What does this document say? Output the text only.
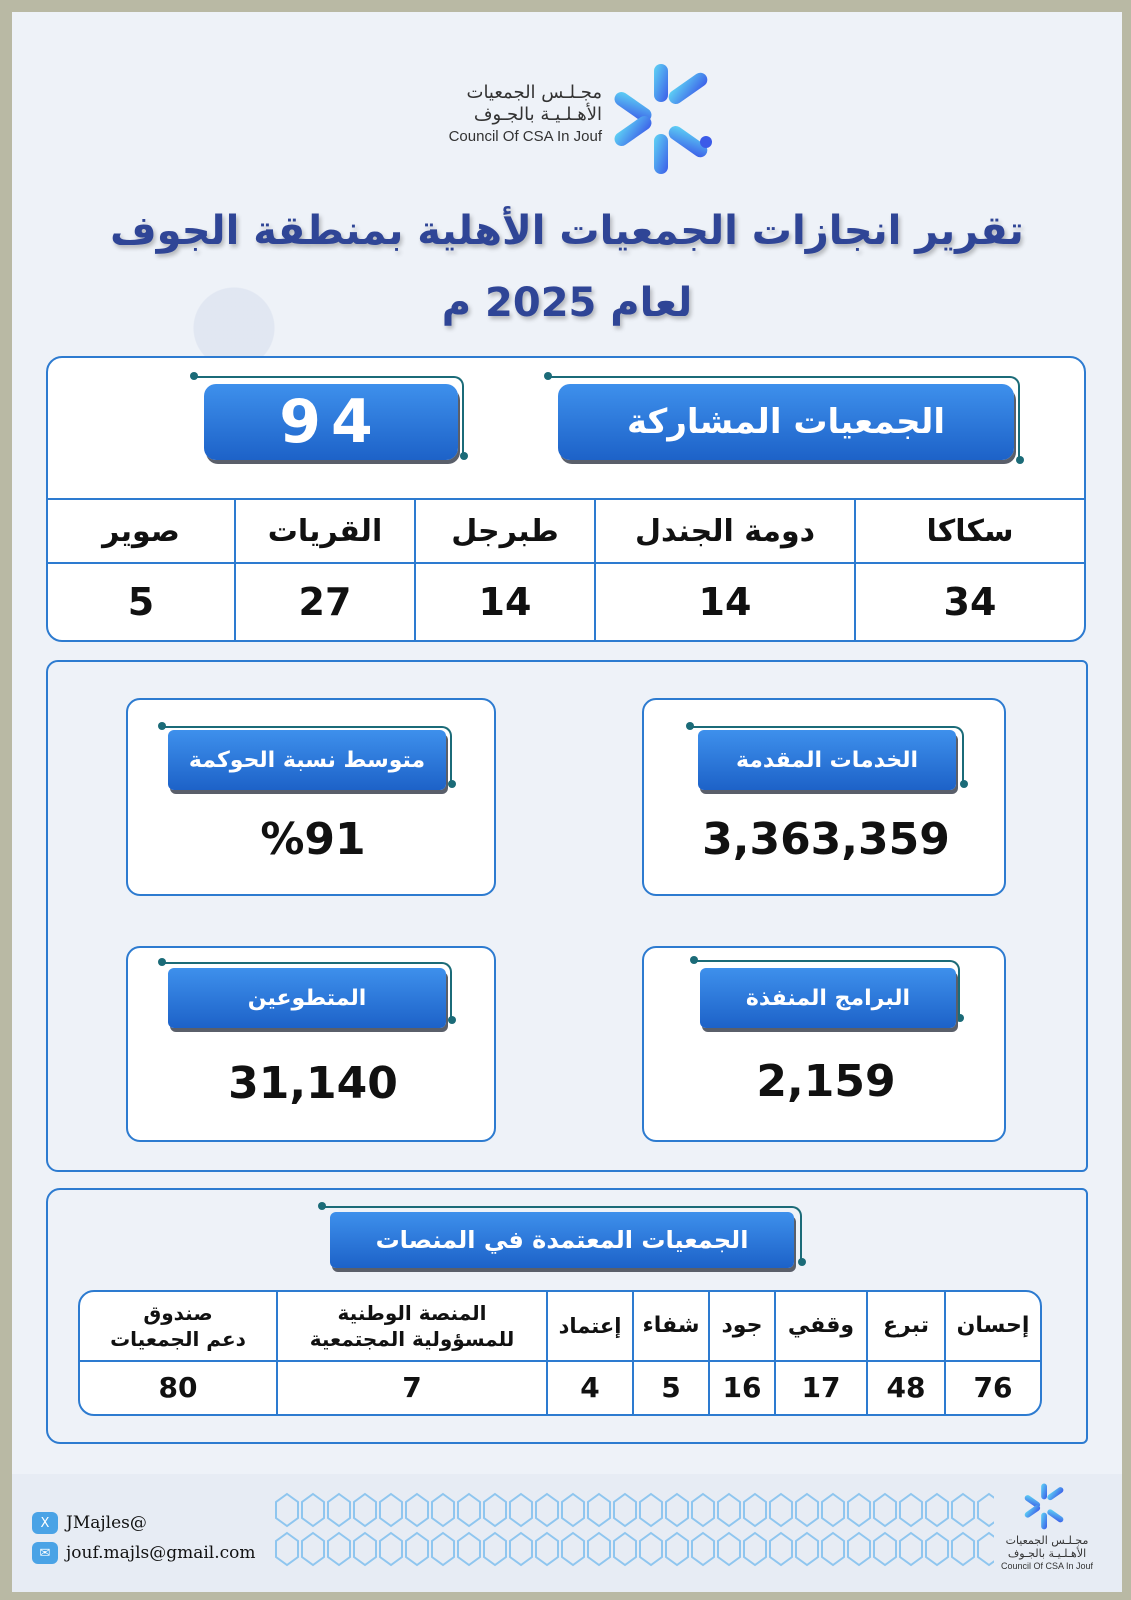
مجـلـس الجمعيات
الأهـلـيـة بالجـوف
Council Of CSA In Jouf
تقرير انجازات الجمعيات الأهلية بمنطقة الجوف
لعام 2025 م
الجمعيات المشاركة
94
سكاكا
دومة الجندل
طبرجل
القريات
صوير
34
14
14
27
5
الخدمات المقدمة
3,363,359
متوسط نسبة الحوكمة
%91
البرامج المنفذة
2,159
المتطوعين
31,140
الجمعيات المعتمدة في المنصات
إحسان
تبرع
وقفي
جود
شفاء
إعتماد
المنصة الوطنية
للمسؤولية المجتمعية
صندوق
دعم الجمعيات
76
48
17
16
5
4
7
80
X JMajles@
✉ jouf.majls@gmail.com
مجـلـس الجمعيات
الأهـلـيـة بالجـوف
Council Of CSA In Jouf
